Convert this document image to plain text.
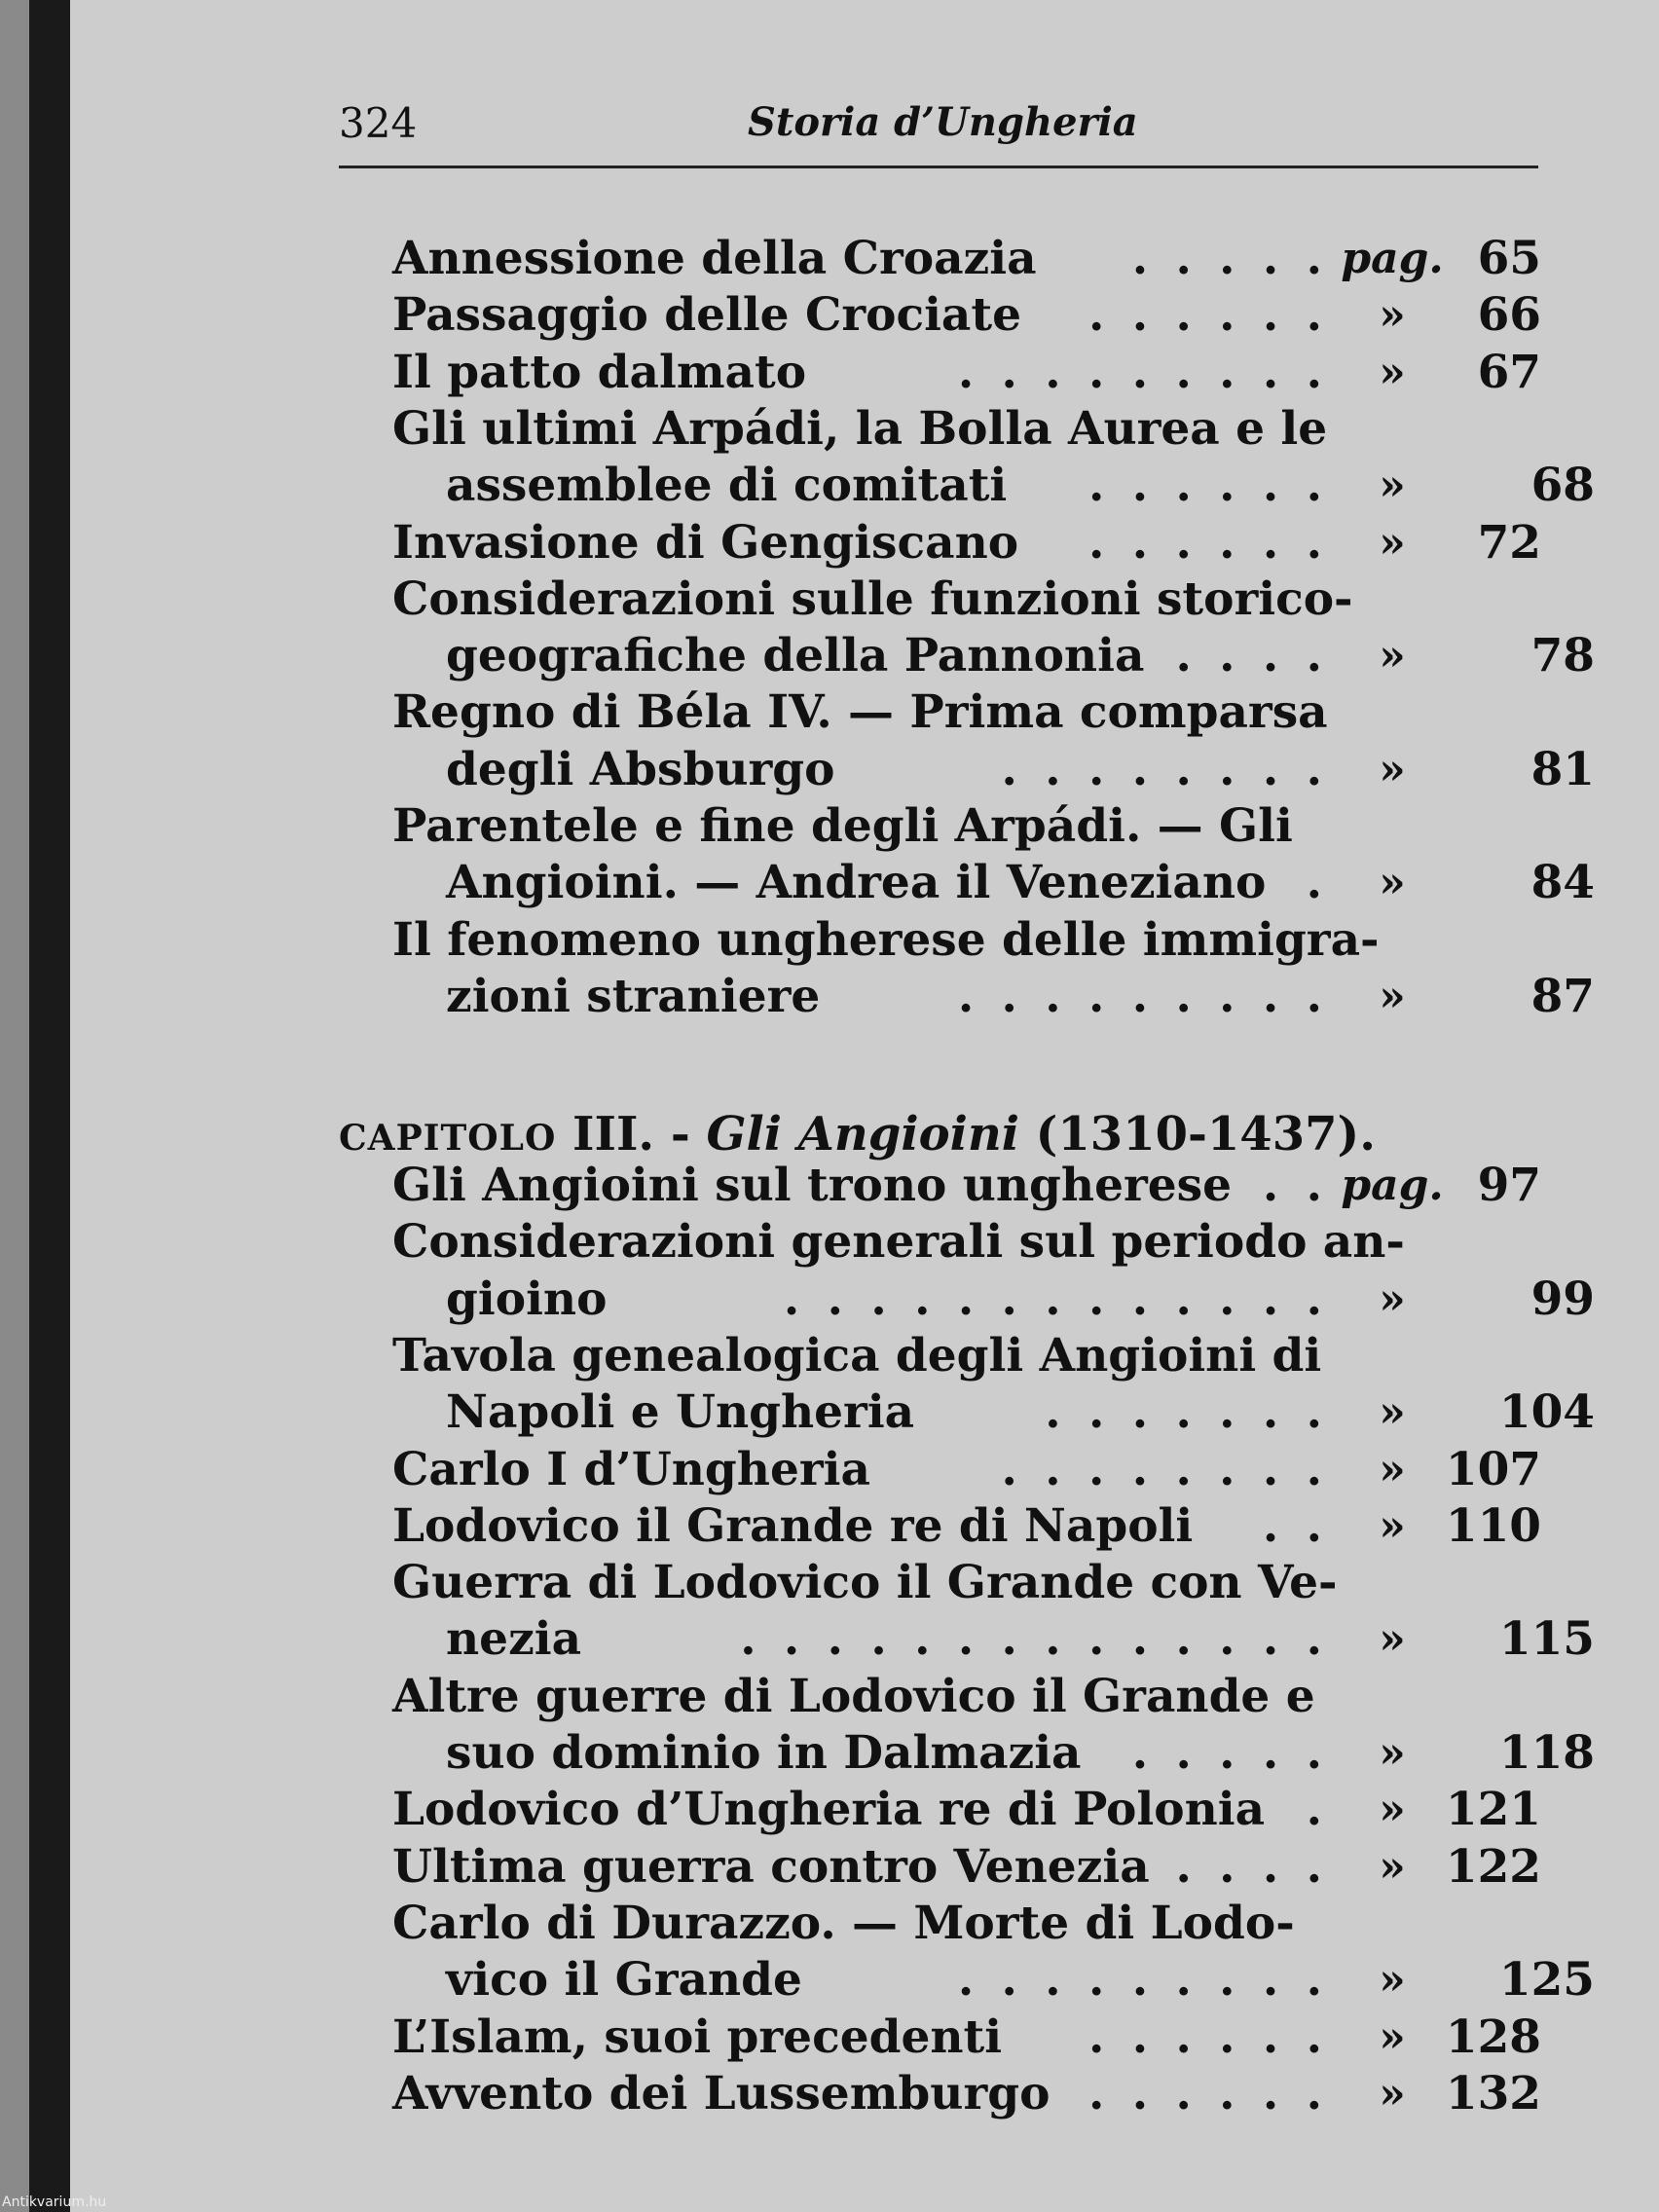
324	Storia d’Ungheria
CAPITOLO III. - Gli Angioini (1310-1437).
Annessione della Croazia . . . . . pag. 65
Passaggio delle Crociate . . . . . .	»	66
Il patto dalmato	. . . . . . . . .	»	67
Gli ultimi Arpádi, la Bolla Aurea e le
assemblee di comitati . . . . . .	»	68
Invasione di Gengiscano . . . . . .	»	72
Considerazioni sulle funzioni storico-
geografiche della Pannonia . . . .	»	78
Regno di Béla IV. — Prima comparsa
degli Absburgo	. . . . . . . .	»	81
Parentele e fine degli Arpádi. — Gli
Angioini. — Andrea il Veneziano .	»	84
Il fenomeno ungherese delle immigra-
zioni straniere	. . . . . . . . .	»	87
Gli Angioini sul trono ungherese . . pag. 97
Considerazioni generali sul periodo an-
gioino	. . . . . . . . . . . . .	»	99
Tavola genealogica degli Angioini di
Napoli e Ungheria	. . . . . . .	»	104
Carlo I d’Ungheria	. . . . . . . .	» 107
Lodovico il Grande re di Napoli . .	» 110
Guerra di Lodovico il Grande con Ve-
nezia	. . . . . . . . . . . . . .	»	115
Altre guerre di Lodovico il Grande e
suo dominio in Dalmazia . . . . .	»	118
Lodovico d’Ungheria re di Polonia .	» 121
Ultima guerra contro Venezia . . . .	» 122
Carlo di Durazzo. — Morte di Lodo-
vico il Grande	. . . . . . . . .	»	125
L’Islam, suoi precedenti . . . . . .	» 128
Avvento dei Lussemburgo . . . . . .	» 132
Antikvarium.hu
